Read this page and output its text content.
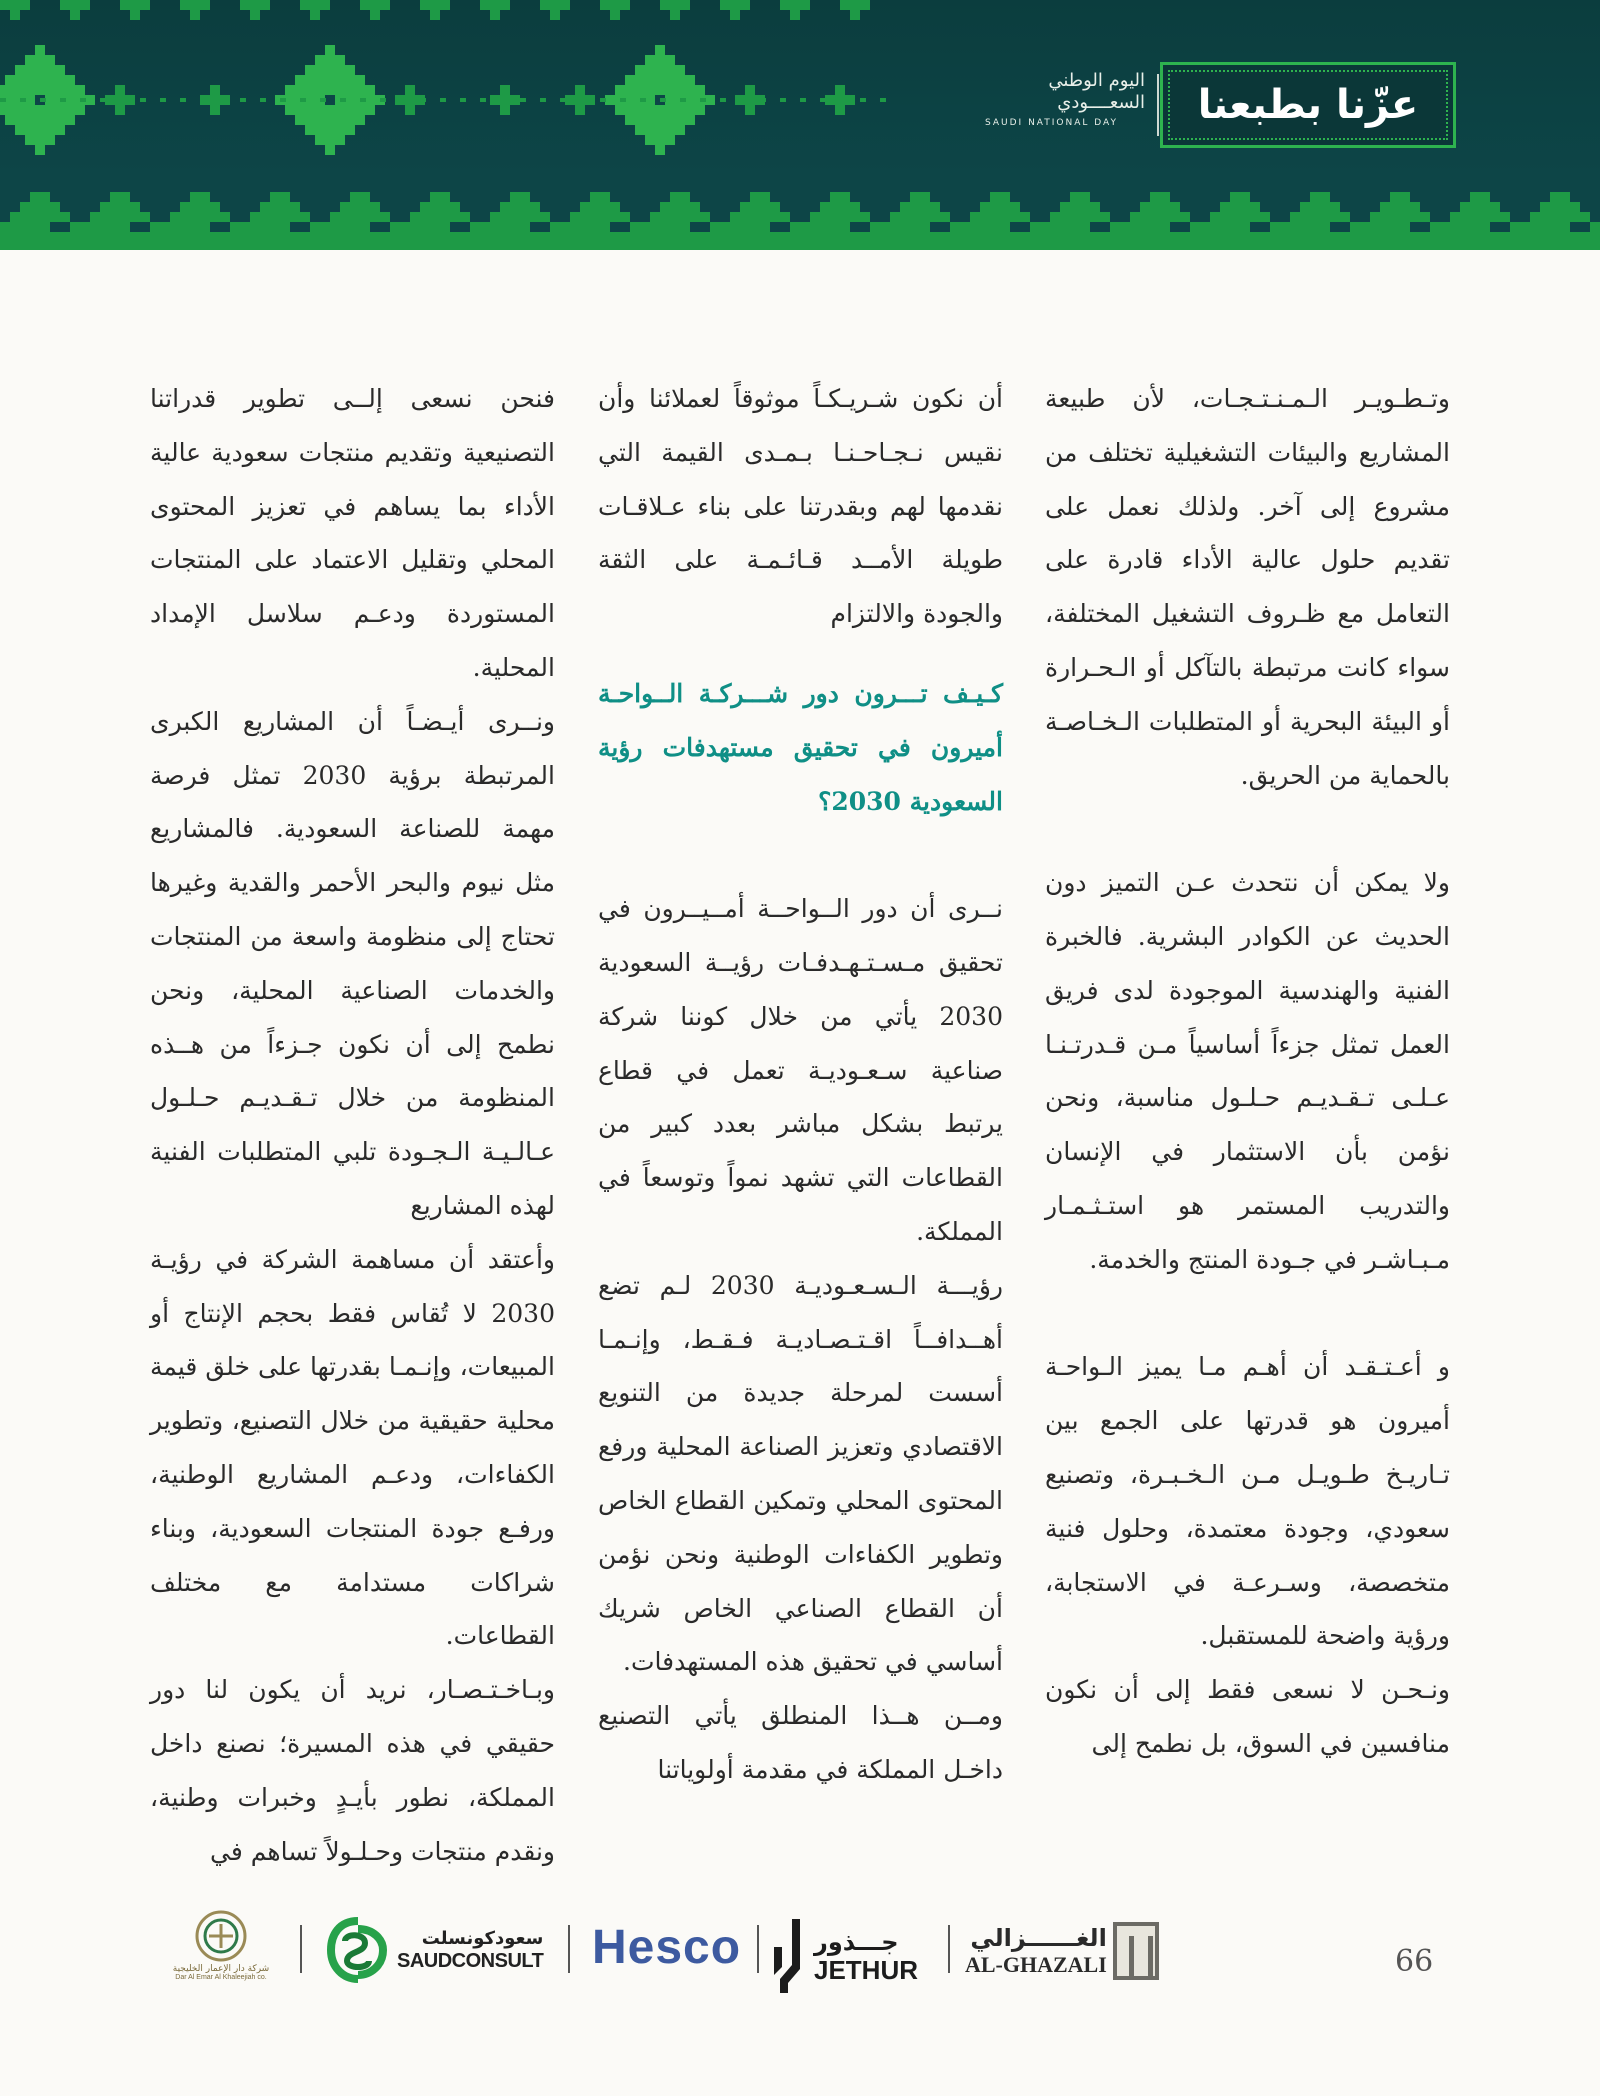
اليوم الوطني
السعــــودي
SAUDI NATIONAL DAY	عزّنا بطبعنا

وتـطـويـر الـمـنـتـجـات، لأن طبيعة المشاريع والبيئات التشغيلية تختلف من مشروع إلى آخر. ولذلك نعمل على تقديم حلول عالية الأداء قادرة على التعامل مع ظـروف التشغيل المختلفة، سواء كانت مرتبطة بالتآكل أو الـحـرارة أو البيئة البحرية أو المتطلبات الـخـاصـة بالحماية من الحريق.

ولا يمكن أن نتحدث عـن التميز دون الحديث عن الكوادر البشرية. فالخبرة الفنية والهندسية الموجودة لدى فريق العمل تمثل جزءاً أساسياً مـن قـدرتـنـا عـلـى تـقـديـم حـلـول مناسبة، ونحن نؤمن بأن الاستثمار في الإنسان والتدريب المستمر هو استـثـمـار مـبـاشـر في جـودة المنتج والخدمة.

و أعـتـقـد أن أهـم مـا يميز الـواحـة أميرون هو قدرتها على الجمع بين تـاريـخ طـويـل مـن الـخـبـرة، وتصنيع سعودي، وجودة معتمدة، وحلول فنية متخصصة، وسـرعـة في الاستجابة، ورؤية واضحة للمستقبل.

ونـحـن لا نسعى فقط إلى أن نكون منافسين في السوق، بل نطمح إلى

أن نكون شـريـكـاً موثوقاً لعملائنا وأن نقيس نـجـاحـنـا بـمـدى القيمة التي نقدمها لهم وبقدرتنا على بناء عـلاقـات طويلة الأمــد قـائـمـة على الثقة والجودة والالتزام

كـيـف تـــرون دور شـــركـة الــواحـة أميرون في تحقيق مستهدفات رؤية السعودية 2030؟

نــرى أن دور الــواحــة أمــيــرون في تحقيق مـسـتـهـدفـات رؤيــة السعودية 2030 يأتي من خلال كوننا شركة صناعية سـعـوديـة تعمل في قطاع يرتبط بشكل مباشر بعدد كبير من القطاعات التي تشهد نمواً وتوسعاً في المملكة.

رؤيـــة الـسـعـوديـة 2030 لـم تضع أهــدافــاً اقـتـصـاديـة فـقـط، وإنـمـا أسست لمرحلة جديدة من التنويع الاقتصادي وتعزيز الصناعة المحلية ورفع المحتوى المحلي وتمكين القطاع الخاص وتطوير الكفاءات الوطنية ونحن نؤمن أن القطاع الصناعي الخاص شريك أساسي في تحقيق هذه المستهدفات.

ومــن هــذا المنطلق يأتي التصنيع داخـل المملكة في مقدمة أولوياتنا

فنحن نسعى إلــى تطوير قدراتنا التصنيعية وتقديم منتجات سعودية عالية الأداء بما يساهم في تعزيز المحتوى المحلي وتقليل الاعتماد على المنتجات المستوردة ودعـم سلاسل الإمداد المحلية.

ونــرى أيـضـاً أن المشاريع الكبرى المرتبطة برؤية 2030 تمثل فرصة مهمة للصناعة السعودية. فالمشاريع مثل نيوم والبحر الأحمر والقدية وغيرها تحتاج إلى منظومة واسعة من المنتجات والخدمات الصناعية المحلية، ونحن نطمح إلى أن نكون جـزءاً من هــذه المنظومة من خلال تـقـديـم حـلـول عـالـيـة الـجـودة تلبي المتطلبات الفنية لهذه المشاريع

وأعتقد أن مساهمة الشركة في رؤيـة 2030 لا تُقاس فقط بحجم الإنتاج أو المبيعات، وإنـمـا بقدرتها على خلق قيمة محلية حقيقية من خلال التصنيع، وتطوير الكفاءات، ودعـم المشاريع الوطنية، ورفـع جودة المنتجات السعودية، وبناء شراكات مستدامة مع مختلف القطاعات.

وبـاخـتـصـار، نريد أن يكون لنا دور حقيقي في هذه المسيرة؛ نصنع داخل المملكة، نطور بأيـدٍ وخبرات وطنية، ونقدم منتجات وحـلـولاً تساهم في

66
الغــــــزالي
AL-GHAZALI
جـــذور
JETHUR
Hesco
سعودكونسلت
SAUDCONSULT
شركة دار الإعمار الخليجية
Dar Al Emar Al Khaleejiah co.
